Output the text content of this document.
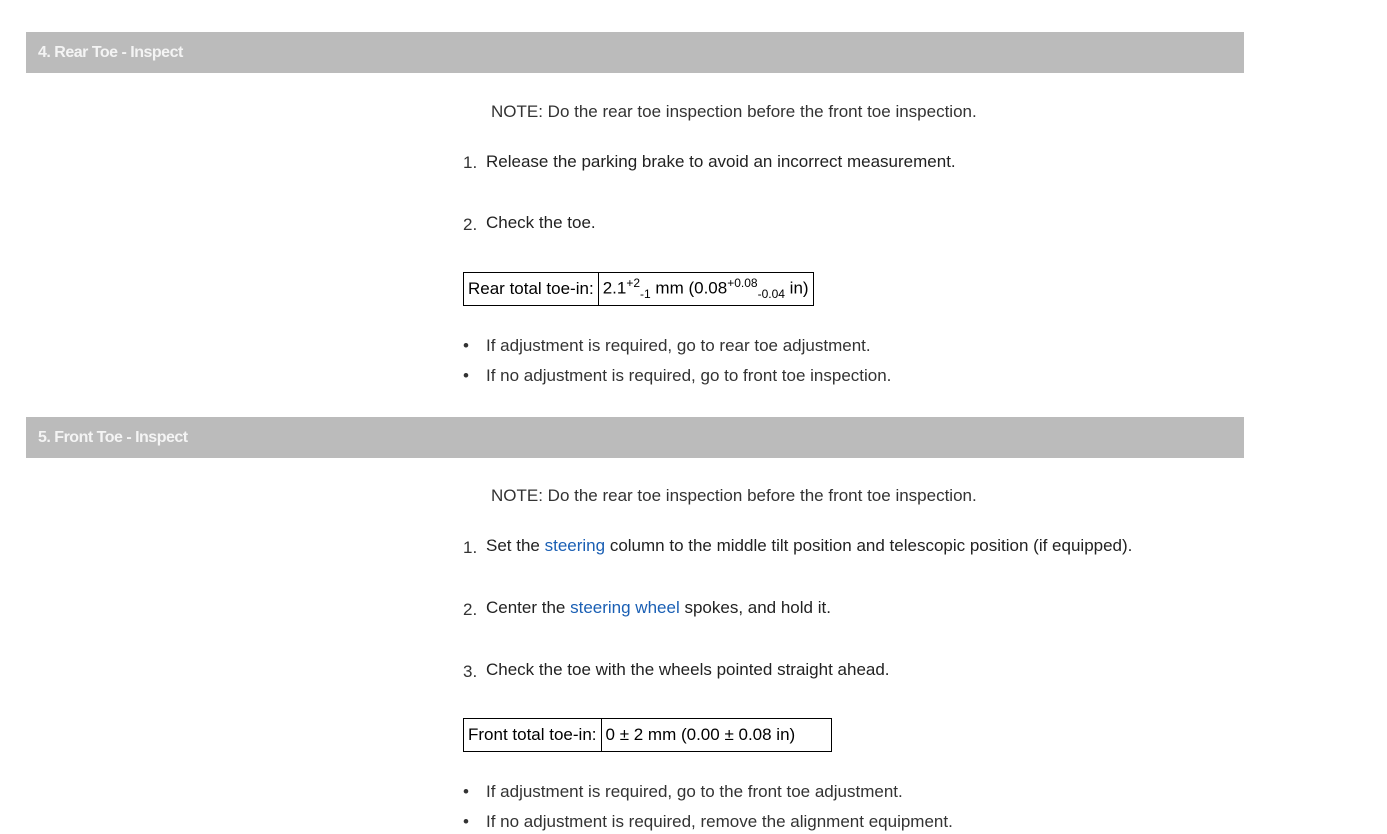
4. Rear Toe - Inspect
NOTE: Do the rear toe inspection before the front toe inspection.
1. Release the parking brake to avoid an incorrect measurement.
2. Check the toe.
Rear total toe-in:	$2.1^{+2}_{-1}$ mm ($0.08^{+0.08}_{-0.04}$ in)
• If adjustment is required, go to rear toe adjustment.
• If no adjustment is required, go to front toe inspection.
5. Front Toe - Inspect
NOTE: Do the rear toe inspection before the front toe inspection.
1. Set the steering column to the middle tilt position and telescopic position (if equipped).
2. Center the steering wheel spokes, and hold it.
3. Check the toe with the wheels pointed straight ahead.
Front total toe-in:	0 ± 2 mm (0.00 ± 0.08 in)
• If adjustment is required, go to the front toe adjustment.
• If no adjustment is required, remove the alignment equipment.
